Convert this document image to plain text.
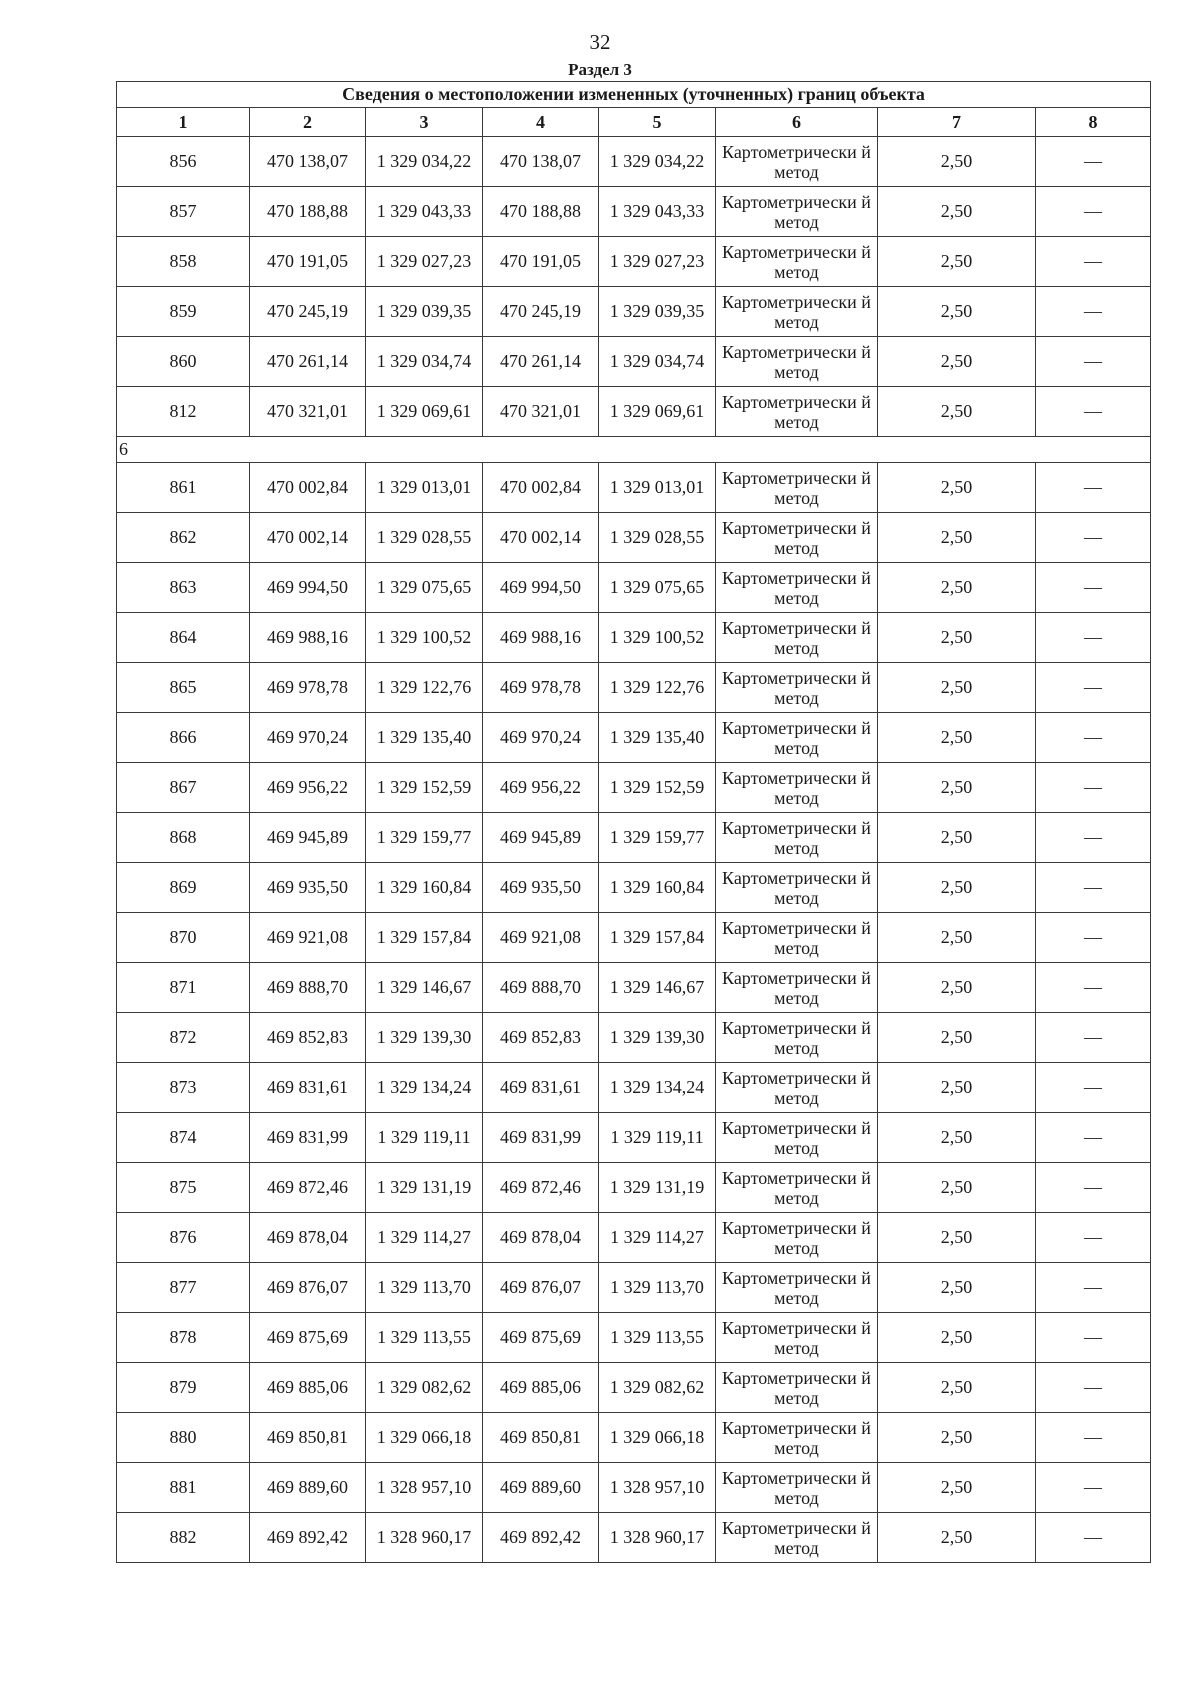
32
Раздел 3
Сведения о местоположении измененных (уточненных) границ объекта							
1	2	3	4	5	6	7	8
856	470 138,07	1 329 034,22	470 138,07	1 329 034,22	Картометрически й метод	2,50	—
857	470 188,88	1 329 043,33	470 188,88	1 329 043,33	Картометрически й метод	2,50	—
858	470 191,05	1 329 027,23	470 191,05	1 329 027,23	Картометрически й метод	2,50	—
859	470 245,19	1 329 039,35	470 245,19	1 329 039,35	Картометрически й метод	2,50	—
860	470 261,14	1 329 034,74	470 261,14	1 329 034,74	Картометрически й метод	2,50	—
812	470 321,01	1 329 069,61	470 321,01	1 329 069,61	Картометрически й метод	2,50	—
6							
861	470 002,84	1 329 013,01	470 002,84	1 329 013,01	Картометрически й метод	2,50	—
862	470 002,14	1 329 028,55	470 002,14	1 329 028,55	Картометрически й метод	2,50	—
863	469 994,50	1 329 075,65	469 994,50	1 329 075,65	Картометрически й метод	2,50	—
864	469 988,16	1 329 100,52	469 988,16	1 329 100,52	Картометрически й метод	2,50	—
865	469 978,78	1 329 122,76	469 978,78	1 329 122,76	Картометрически й метод	2,50	—
866	469 970,24	1 329 135,40	469 970,24	1 329 135,40	Картометрически й метод	2,50	—
867	469 956,22	1 329 152,59	469 956,22	1 329 152,59	Картометрически й метод	2,50	—
868	469 945,89	1 329 159,77	469 945,89	1 329 159,77	Картометрически й метод	2,50	—
869	469 935,50	1 329 160,84	469 935,50	1 329 160,84	Картометрически й метод	2,50	—
870	469 921,08	1 329 157,84	469 921,08	1 329 157,84	Картометрически й метод	2,50	—
871	469 888,70	1 329 146,67	469 888,70	1 329 146,67	Картометрически й метод	2,50	—
872	469 852,83	1 329 139,30	469 852,83	1 329 139,30	Картометрически й метод	2,50	—
873	469 831,61	1 329 134,24	469 831,61	1 329 134,24	Картометрически й метод	2,50	—
874	469 831,99	1 329 119,11	469 831,99	1 329 119,11	Картометрически й метод	2,50	—
875	469 872,46	1 329 131,19	469 872,46	1 329 131,19	Картометрически й метод	2,50	—
876	469 878,04	1 329 114,27	469 878,04	1 329 114,27	Картометрически й метод	2,50	—
877	469 876,07	1 329 113,70	469 876,07	1 329 113,70	Картометрически й метод	2,50	—
878	469 875,69	1 329 113,55	469 875,69	1 329 113,55	Картометрически й метод	2,50	—
879	469 885,06	1 329 082,62	469 885,06	1 329 082,62	Картометрически й метод	2,50	—
880	469 850,81	1 329 066,18	469 850,81	1 329 066,18	Картометрически й метод	2,50	—
881	469 889,60	1 328 957,10	469 889,60	1 328 957,10	Картометрически й метод	2,50	—
882	469 892,42	1 328 960,17	469 892,42	1 328 960,17	Картометрически й метод	2,50	—
